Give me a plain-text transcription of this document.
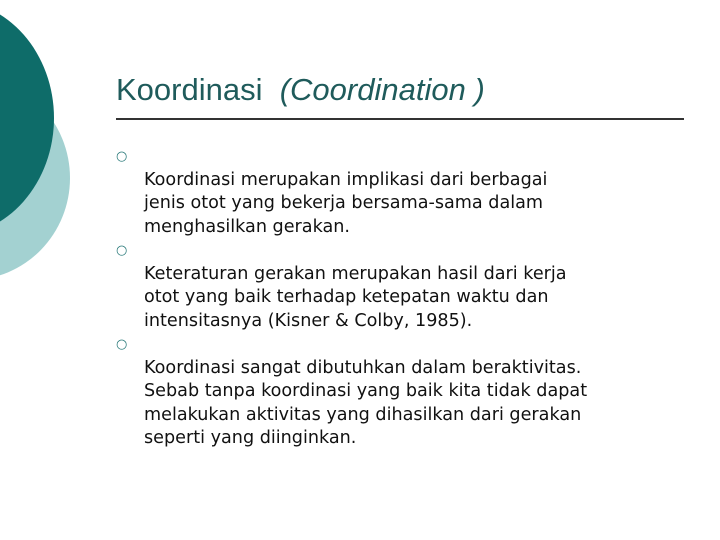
Koordinasi (Coordination )

○
Koordinasi merupakan implikasi dari berbagai
jenis otot yang bekerja bersama-sama dalam
menghasilkan gerakan.

○
Keteraturan gerakan merupakan hasil dari kerja
otot yang baik terhadap ketepatan waktu dan
intensitasnya (Kisner & Colby, 1985).

○
Koordinasi sangat dibutuhkan dalam beraktivitas.
Sebab tanpa koordinasi yang baik kita tidak dapat
melakukan aktivitas yang dihasilkan dari gerakan
seperti yang diinginkan.
